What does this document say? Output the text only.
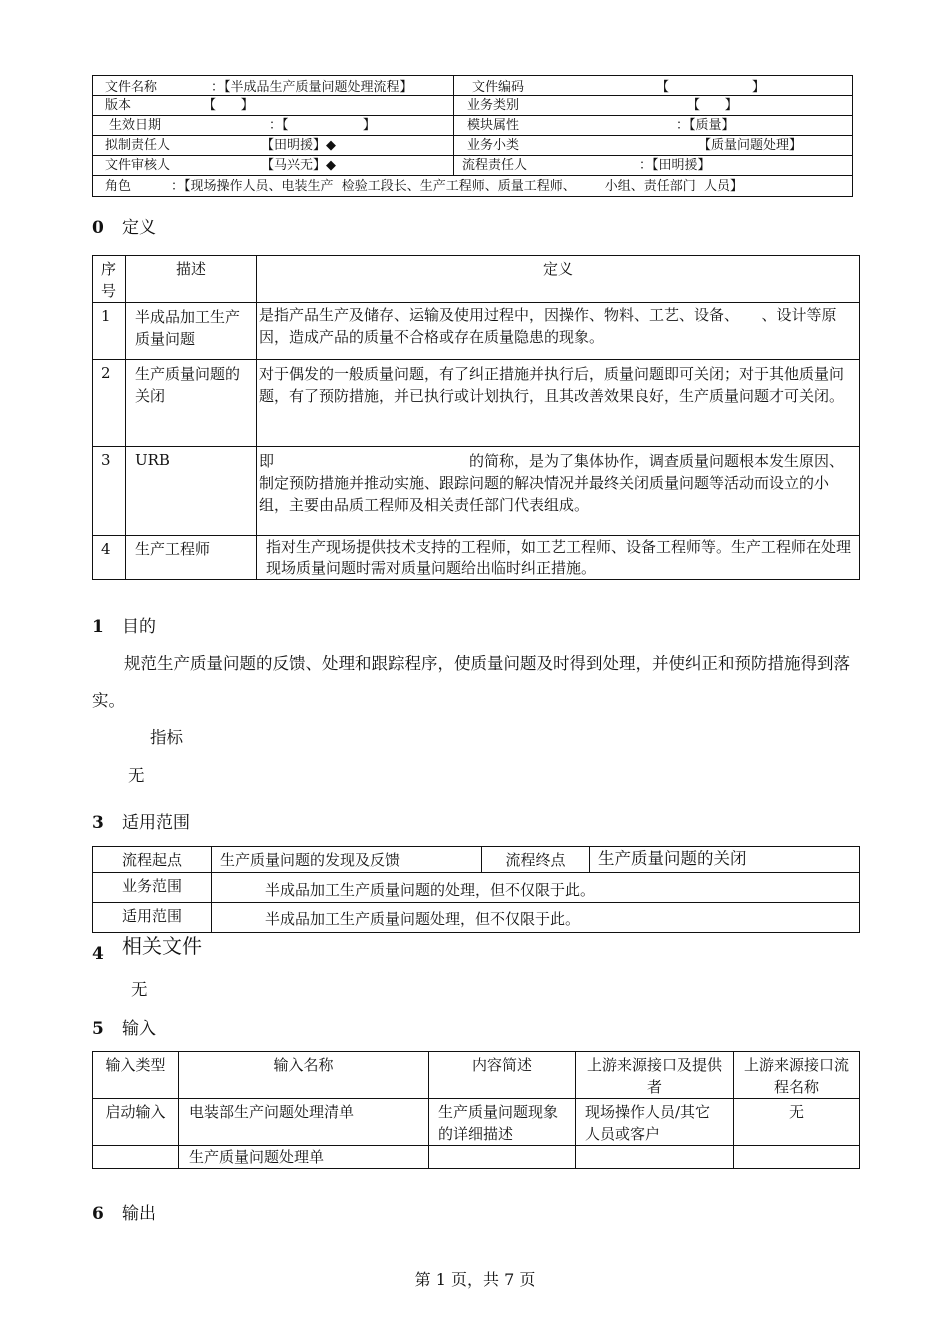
文件名称 ：【半成品生产质量问题处理流程】	文件编码 【 】

版本 【      】	业务类别 【      】

生效日期 ：【                  】	模块属性 ：【质量】

拟制责任人 【田明援】◆	业务小类 【质量问题处理】

文件审核人 【马兴无】◆	流程责任人 ：【田明援】

角色 ：【现场操作人员、电装生产  检验工段长、生产工程师、质量工程师、       小组、责任部门  人员】	
0 定义
序号	描述	定义
1	半成品加工生产质量问题	是指产品生产及储存、运输及使用过程中，因操作、物料、工艺、设备、　　、设计等原因，造成产品的质量不合格或存在质量隐患的现象。
2	生产质量问题的关闭	对于偶发的一般质量问题，有了纠正措施并执行后，质量问题即可关闭；对于其他质量问题，有了预防措施，并已执行或计划执行，且其改善效果良好，生产质量问题才可关闭。
3	URB	即　　　　　　　　　　　　　的简称，是为了集体协作，调查质量问题根本发生原因、制定预防措施并推动实施、跟踪问题的解决情况并最终关闭质量问题等活动而设立的小组，主要由品质工程师及相关责任部门代表组成。
4	生产工程师	指对生产现场提供技术支持的工程师，如工艺工程师、设备工程师等。生产工程师在处理现场质量问题时需对质量问题给出临时纠正措施。
1 目的
规范生产质量问题的反馈、处理和跟踪程序，使质量问题及时得到处理，并使纠正和预防措施得到落实。
指标
无
3 适用范围
流程起点	生产质量问题的发现及反馈	流程终点	生产质量问题的关闭
业务范围	半成品加工生产质量问题的处理，但不仅限于此。		
适用范围	半成品加工生产质量问题处理，但不仅限于此。		
4 相关文件
无
5 输入
输入类型	输入名称	内容简述	上游来源接口及提供者	上游来源接口流程名称
启动输入	电装部生产问题处理清单	生产质量问题现象的详细描述	现场操作人员/其它人员或客户	无
	生产质量问题处理单			
6 输出
第 1 页，共 7 页
